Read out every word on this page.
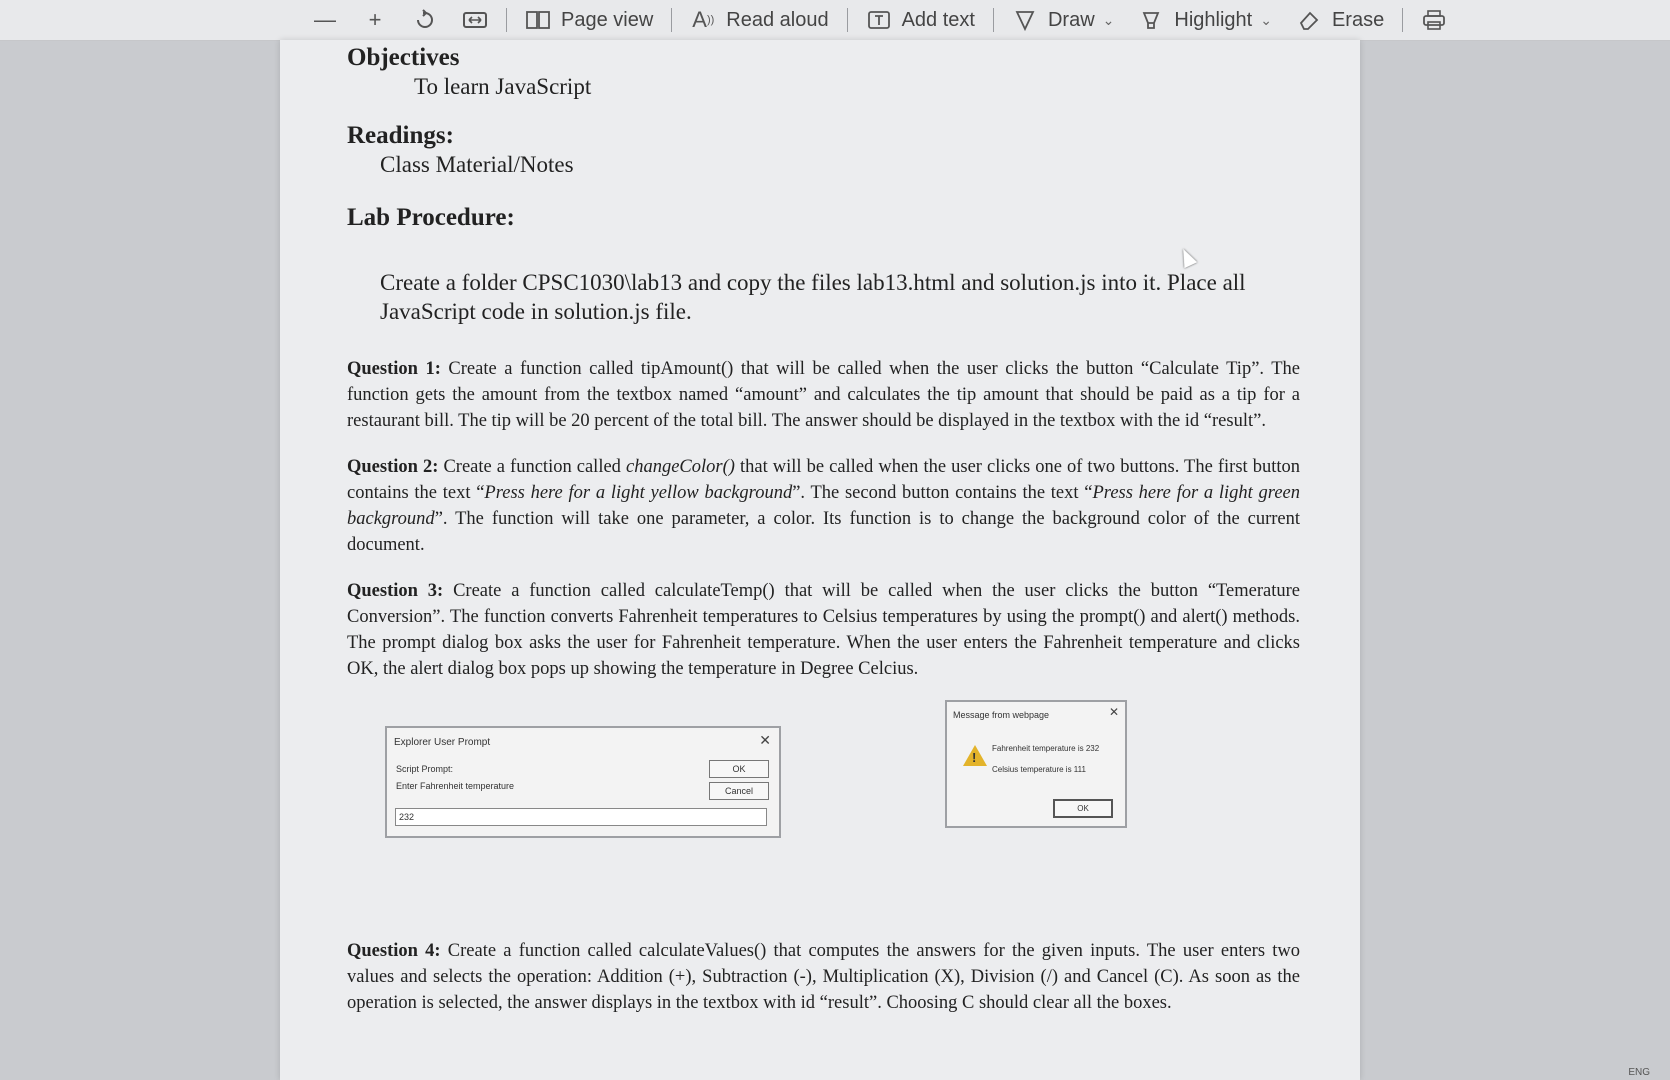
— +	Page view A )) Read aloud	Add text	Draw ⌄	Highlight ⌄	Erase
Objectives
To learn JavaScript
Readings:
Class Material/Notes
Lab Procedure:
Create a folder CPSC1030\lab13 and copy the files lab13.html and solution.js into it. Place all JavaScript code in solution.js file.

Question 1: Create a function called tipAmount() that will be called when the user clicks the button “Calculate Tip”. The function gets the amount from the textbox named “amount” and calculates the tip amount that should be paid as a tip for a restaurant bill. The tip will be 20 percent of the total bill. The answer should be displayed in the textbox with the id “result”.

Question 2: Create a function called changeColor() that will be called when the user clicks one of two buttons. The first button contains the text “Press here for a light yellow background”. The second button contains the text “Press here for a light green background”. The function will take one parameter, a color. Its function is to change the background color of the current document.

Question 3: Create a function called calculateTemp() that will be called when the user clicks the button “Temerature Conversion”. The function converts Fahrenheit temperatures to Celsius temperatures by using the prompt() and alert() methods. The prompt dialog box asks the user for Fahrenheit temperature. When the user enters the Fahrenheit temperature and clicks OK, the alert dialog box pops up showing the temperature in Degree Celcius.

Question 4: Create a function called calculateValues() that computes the answers for the given inputs. The user enters two values and selects the operation: Addition (+), Subtraction (-), Multiplication (X), Division (/) and Cancel (C). As soon as the operation is selected, the answer displays in the textbox with id “result”. Choosing C should clear all the boxes.

Explorer User Prompt	✕
Script Prompt:
Enter Fahrenheit temperature
OK
Cancel
232
Message from webpage	✕
!
Fahrenheit temperature is 232
Celsius temperature is 111
OK
ENG
